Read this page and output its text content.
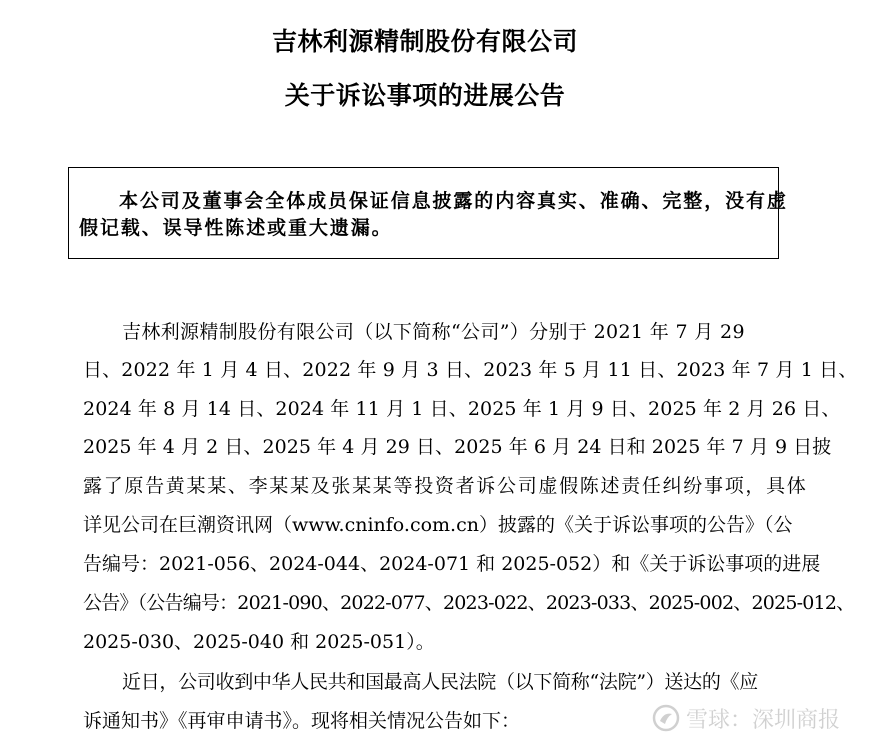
吉林利源精制股份有限公司
关于诉讼事项的进展公告
本公司及董事会全体成员保证信息披露的内容真实、准确、完整，没有虚
假记载、误导性陈述或重大遗漏。
吉林利源精制股份有限公司（以下简称“公司”）分别于 2021 年 7 月 29
日、2022 年 1 月 4 日、2022 年 9 月 3 日、2023 年 5 月 11 日、2023 年 7 月 1 日、
2024 年 8 月 14 日、2024 年 11 月 1 日、2025 年 1 月 9 日、2025 年 2 月 26 日、
2025 年 4 月 2 日、2025 年 4 月 29 日、2025 年 6 月 24 日和 2025 年 7 月 9 日披
露了原告黄某某、李某某及张某某等投资者诉公司虚假陈述责任纠纷事项，具体
详见公司在巨潮资讯网（www.cninfo.com.cn）披露的《关于诉讼事项的公告》（公
告编号：2021-056、2024-044、2024-071 和 2025-052）和《关于诉讼事项的进展
公告》（公告编号：2021-090、2022-077、2023-022、2023-033、2025-002、2025-012、
2025-030、2025-040 和 2025-051）。
近日，公司收到中华人民共和国最高人民法院（以下简称“法院”）送达的《应
诉通知书》《再审申请书》。现将相关情况公告如下：	雪球：深圳商报
